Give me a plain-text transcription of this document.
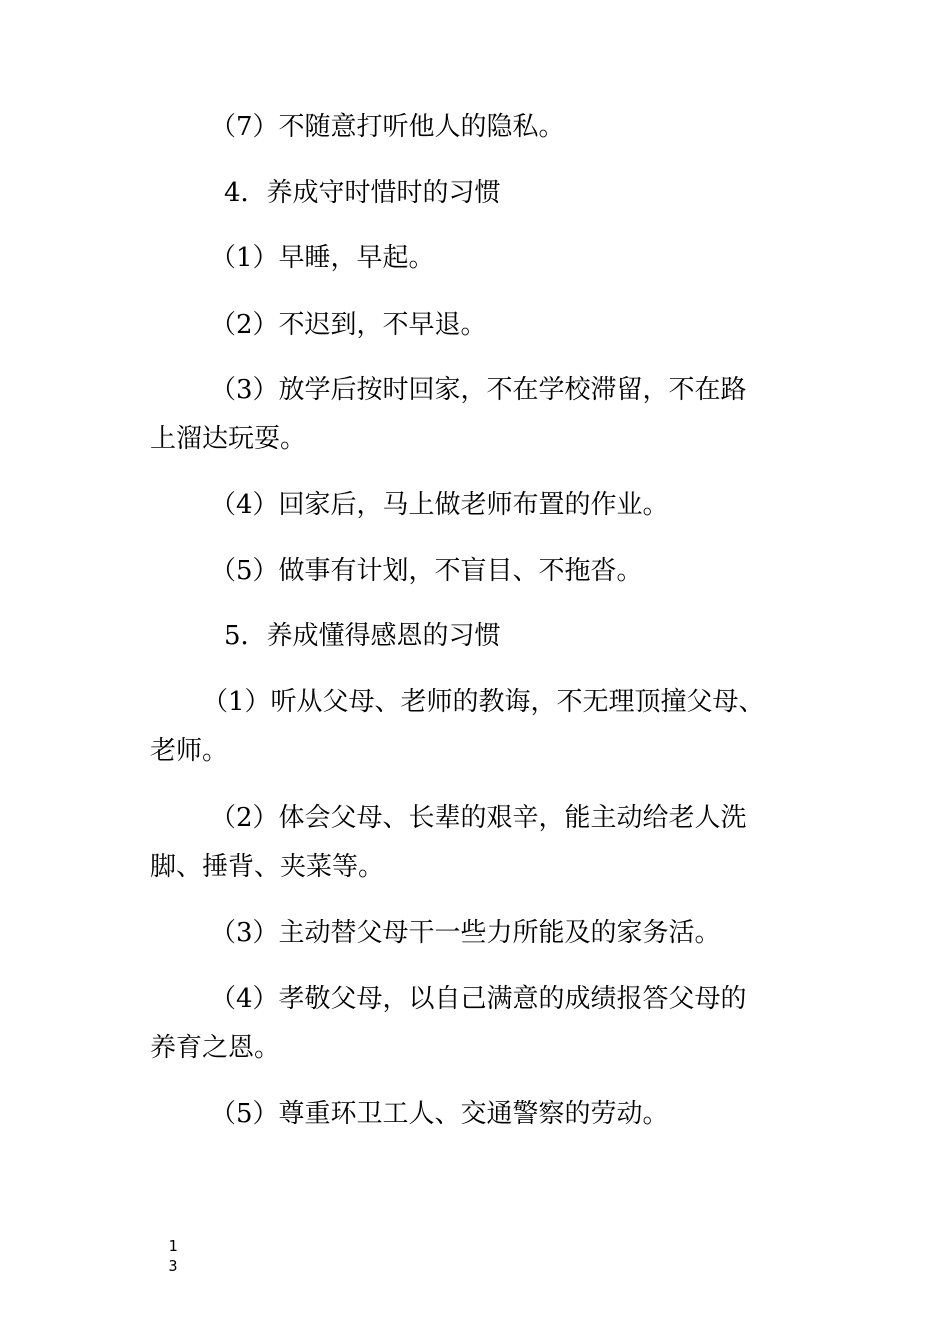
（7）不随意打听他人的隐私。

4．养成守时惜时的习惯

（1）早睡，早起。

（2）不迟到，不早退。

（3）放学后按时回家，不在学校滞留，不在路

上溜达玩耍。

（4）回家后，马上做老师布置的作业。

（5）做事有计划，不盲目、不拖沓。

5．养成懂得感恩的习惯

（1）听从父母、老师的教诲，不无理顶撞父母、

老师。

（2）体会父母、长辈的艰辛，能主动给老人洗

脚、捶背、夹菜等。

（3）主动替父母干一些力所能及的家务活。

（4）孝敬父母，以自己满意的成绩报答父母的

养育之恩。

（5）尊重环卫工人、交通警察的劳动。

1
3
